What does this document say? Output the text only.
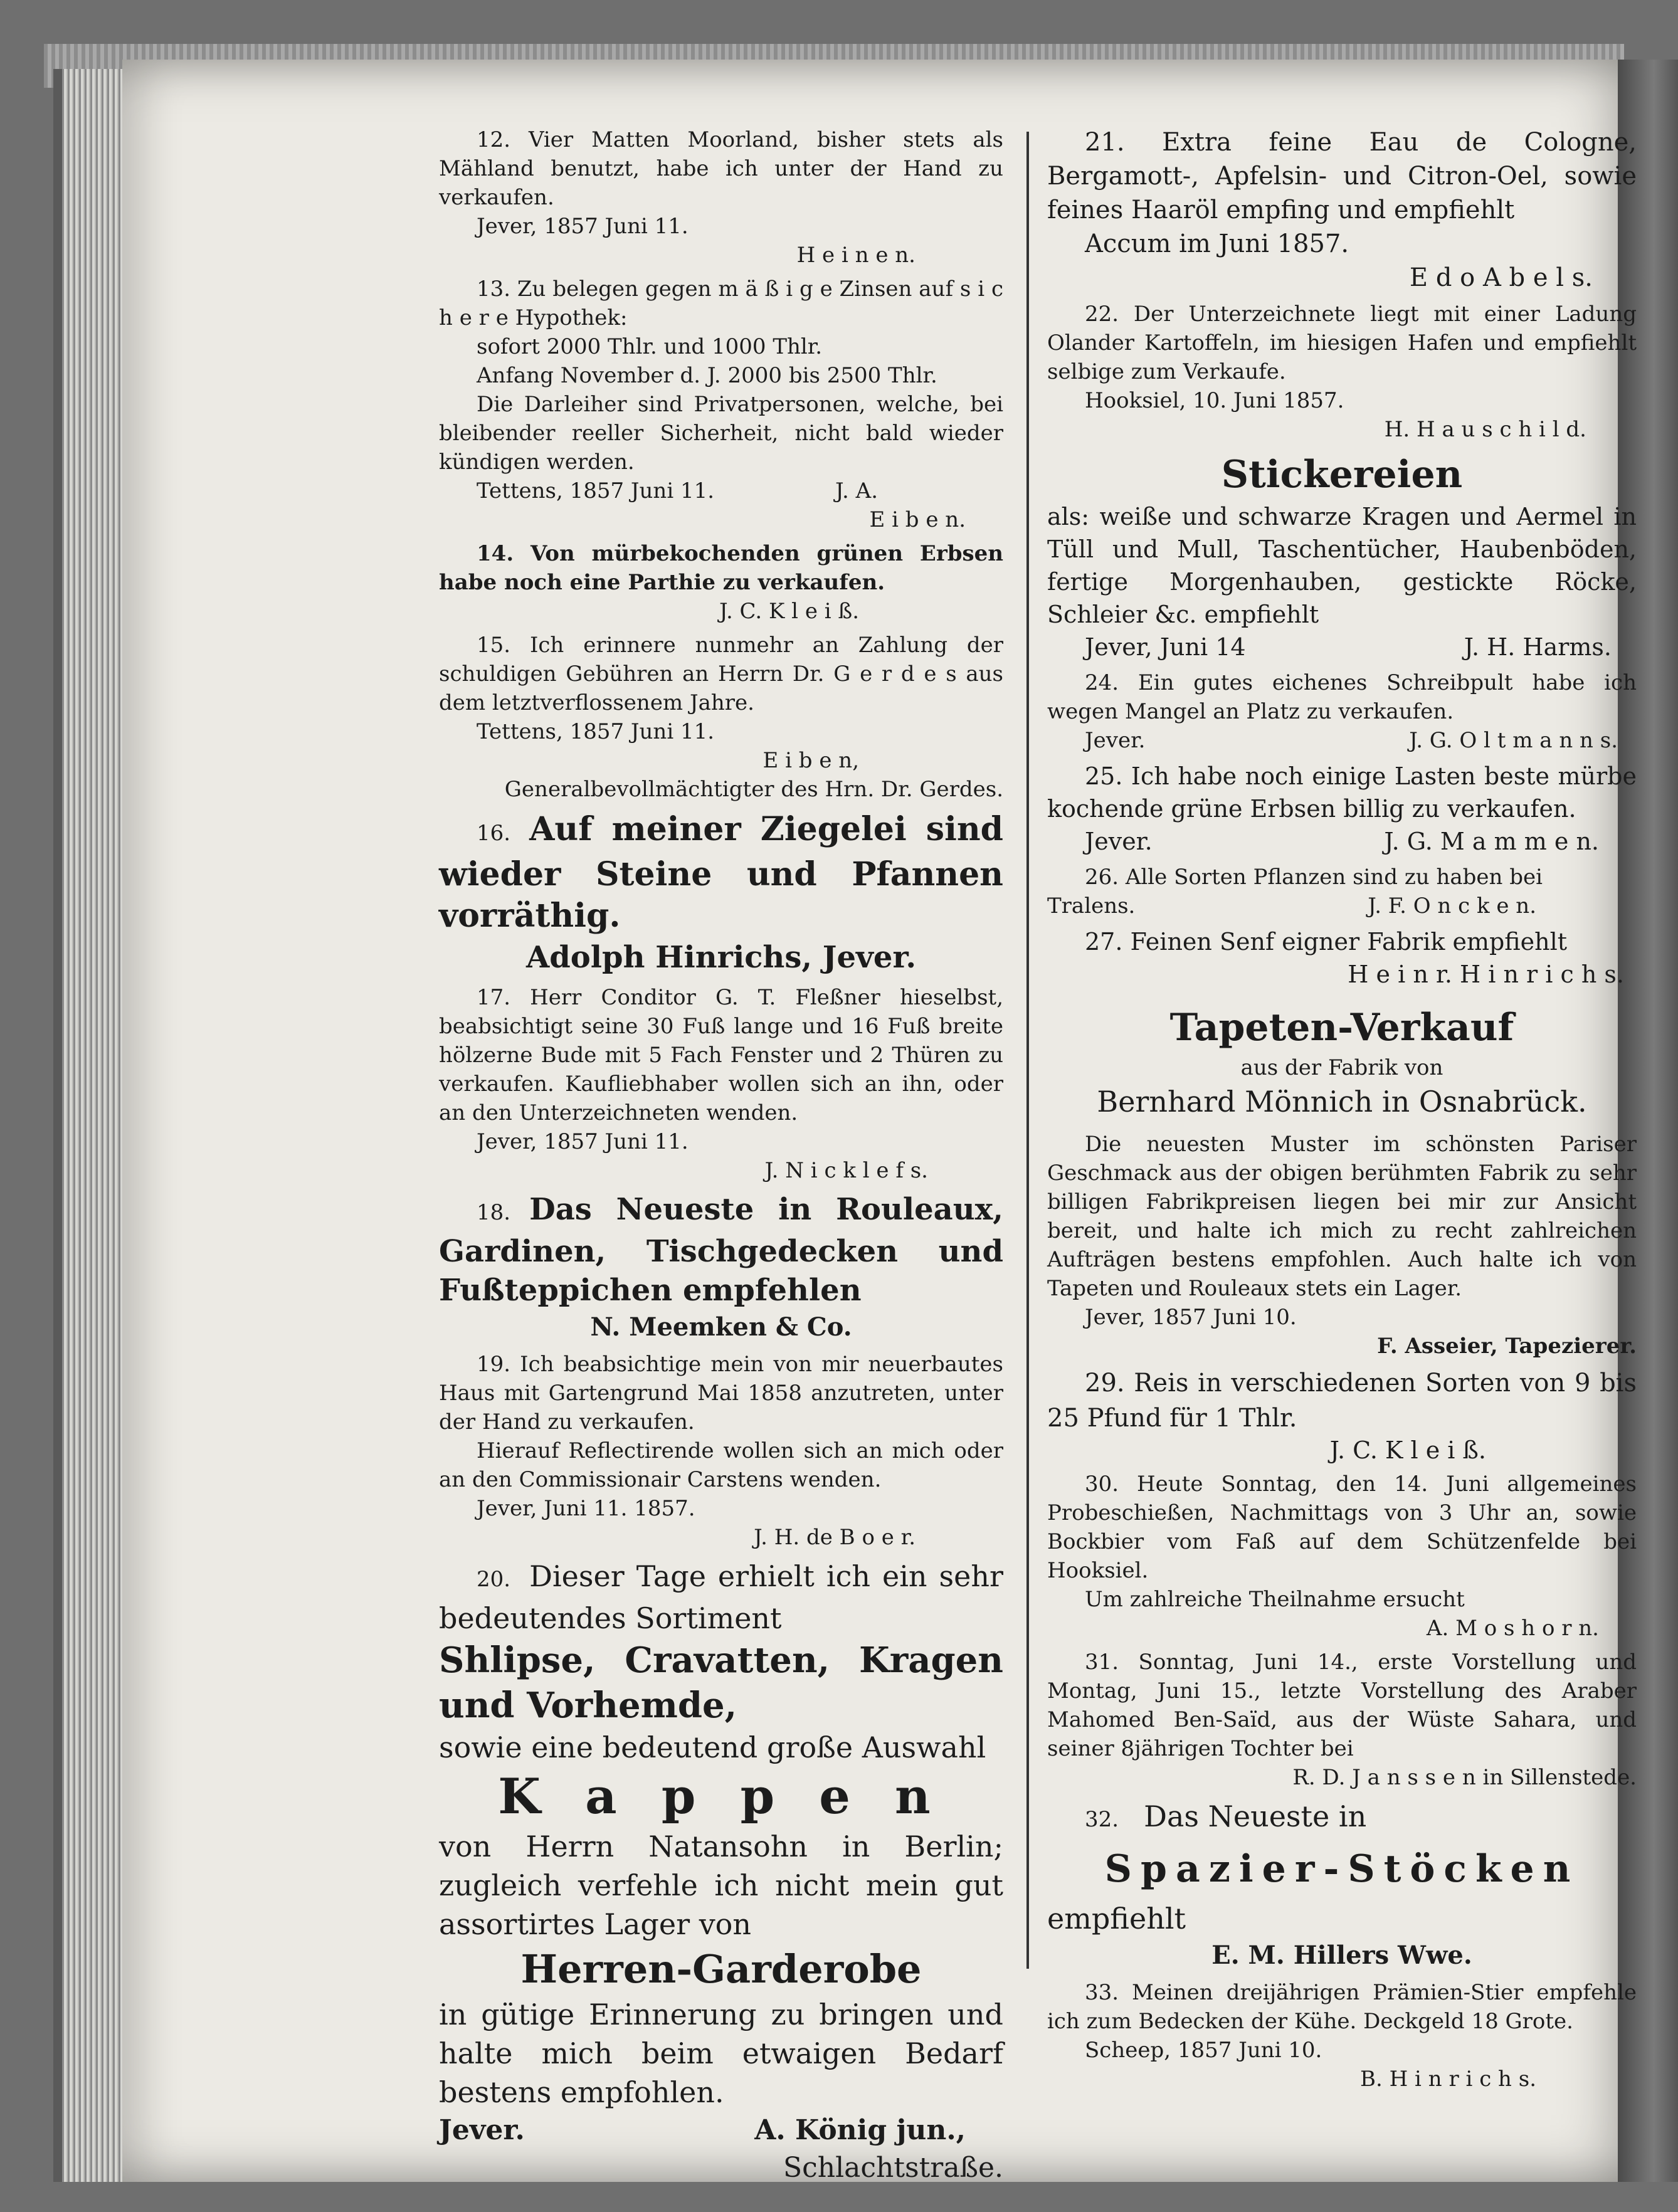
12. Vier Matten Moorland, bisher stets als Mähland benutzt, habe ich unter der Hand zu verkaufen.

Jever, 1857 Juni 11.

H e i n e n.

13. Zu belegen gegen m ä ß i g e Zinsen auf s i c h e r e Hypothek:

sofort 2000 Thlr. und 1000 Thlr.

Anfang November d. J. 2000 bis 2500 Thlr.

Die Darleiher sind Privatpersonen, welche, bei bleibender reeller Sicherheit, nicht bald wieder kündigen werden.

Tettens, 1857 Juni 11.	J. A.

E i b e n.

14. Von mürbekochenden grünen Erbsen habe noch eine Parthie zu verkaufen.

J. C. K l e i ß.

15. Ich erinnere nunmehr an Zahlung der schuldigen Gebühren an Herrn Dr. G e r d e s aus dem letztverflossenem Jahre.

Tettens, 1857 Juni 11.

E i b e n,

Generalbevollmächtigter des Hrn. Dr. Gerdes.

16. Auf meiner Ziegelei sind wieder Steine und Pfannen vorräthig.

Adolph Hinrichs, Jever.

17. Herr Conditor G. T. Fleßner hieselbst, beabsichtigt seine 30 Fuß lange und 16 Fuß breite hölzerne Bude mit 5 Fach Fenster und 2 Thüren zu verkaufen. Kaufliebhaber wollen sich an ihn, oder an den Unterzeichneten wenden.

Jever, 1857 Juni 11.

J. N i c k l e f s.

18. Das Neueste in Rouleaux, Gardinen, Tischgedecken und Fußteppichen empfehlen

N. Meemken & Co.

19. Ich beabsichtige mein von mir neuerbautes Haus mit Gartengrund Mai 1858 anzutreten, unter der Hand zu verkaufen.

Hierauf Reflectirende wollen sich an mich oder an den Commissionair Carstens wenden.

Jever, Juni 11. 1857.

J. H. de B o e r.

20. Dieser Tage erhielt ich ein sehr bedeutendes Sortiment

Shlipse, Cravatten, Kragen und Vorhemde,

sowie eine bedeutend große Auswahl

K a p p e n

von Herrn Natansohn in Berlin; zugleich verfehle ich nicht mein gut assortirtes Lager von

Herren-Garderobe

in gütige Erinnerung zu bringen und halte mich beim etwaigen Bedarf bestens empfohlen.

Jever.	A. König jun.,

Schlachtstraße.

21. Extra feine Eau de Cologne, Bergamott-, Apfelsin- und Citron-Oel, sowie feines Haaröl empfing und empfiehlt

Accum im Juni 1857.

E d o A b e l s.

22. Der Unterzeichnete liegt mit einer Ladung Olander Kartoffeln, im hiesigen Hafen und empfiehlt selbige zum Verkaufe.

Hooksiel, 10. Juni 1857.

H. H a u s c h i l d.

Stickereien

als: weiße und schwarze Kragen und Aermel in Tüll und Mull, Taschentücher, Haubenböden, fertige Morgenhauben, gestickte Röcke, Schleier &c. empfiehlt

Jever, Juni 14	J. H. Harms.

24. Ein gutes eichenes Schreibpult habe ich wegen Mangel an Platz zu verkaufen.

Jever.	J. G. O l t m a n n s.

25. Ich habe noch einige Lasten beste mürbe kochende grüne Erbsen billig zu verkaufen.

Jever.	J. G. M a m m e n.

26. Alle Sorten Pflanzen sind zu haben bei

Tralens.	J. F. O n c k e n.

27. Feinen Senf eigner Fabrik empfiehlt

H e i n r. H i n r i c h s.

Tapeten-Verkauf

aus der Fabrik von

Bernhard Mönnich in Osnabrück.

Die neuesten Muster im schönsten Pariser Geschmack aus der obigen berühmten Fabrik zu sehr billigen Fabrikpreisen liegen bei mir zur Ansicht bereit, und halte ich mich zu recht zahlreichen Aufträgen bestens empfohlen. Auch halte ich von Tapeten und Rouleaux stets ein Lager.

Jever, 1857 Juni 10.

F. Asseier, Tapezierer.

29. Reis in verschiedenen Sorten von 9 bis 25 Pfund für 1 Thlr.

J. C. K l e i ß.

30. Heute Sonntag, den 14. Juni allgemeines Probeschießen, Nachmittags von 3 Uhr an, sowie Bockbier vom Faß auf dem Schützenfelde bei Hooksiel.

Um zahlreiche Theilnahme ersucht

A. M o s h o r n.

31. Sonntag, Juni 14., erste Vorstellung und Montag, Juni 15., letzte Vorstellung des Araber Mahomed Ben-Saïd, aus der Wüste Sahara, und seiner 8jährigen Tochter bei

R. D. J a n s s e n in Sillenstede.

32. Das Neueste in

Spazier-Stöcken

empfiehlt

E. M. Hillers Wwe.

33. Meinen dreijährigen Prämien-Stier empfehle ich zum Bedecken der Kühe. Deckgeld 18 Grote.

Scheep, 1857 Juni 10.

B. H i n r i c h s.
